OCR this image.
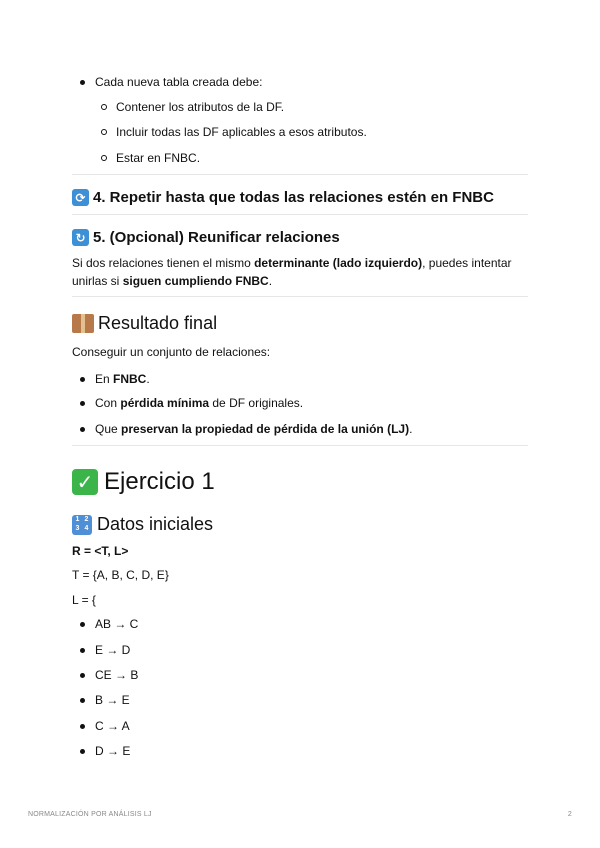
Cada nueva tabla creada debe:
Contener los atributos de la DF.
Incluir todas las DF aplicables a esos atributos.
Estar en FNBC.
⟳ 4. Repetir hasta que todas las relaciones estén en FNBC
↻ 5. (Opcional) Reunificar relaciones

Si dos relaciones tienen el mismo determinante (lado izquierdo), puedes intentar unirlas si siguen cumpliendo FNBC.

Resultado final

Conseguir un conjunto de relaciones:

En FNBC.
Con pérdida mínima de DF originales.
Que preservan la propiedad de pérdida de la unión (LJ).
✓ Ejercicio 1
1 2
3 4 Datos iniciales

R = <T, L>

T = {A, B, C, D, E}

L = {

AB → C
E → D
CE → B
B → E
C → A
D → E
NORMALIZACIÓN POR ANÁLISIS LJ	2
